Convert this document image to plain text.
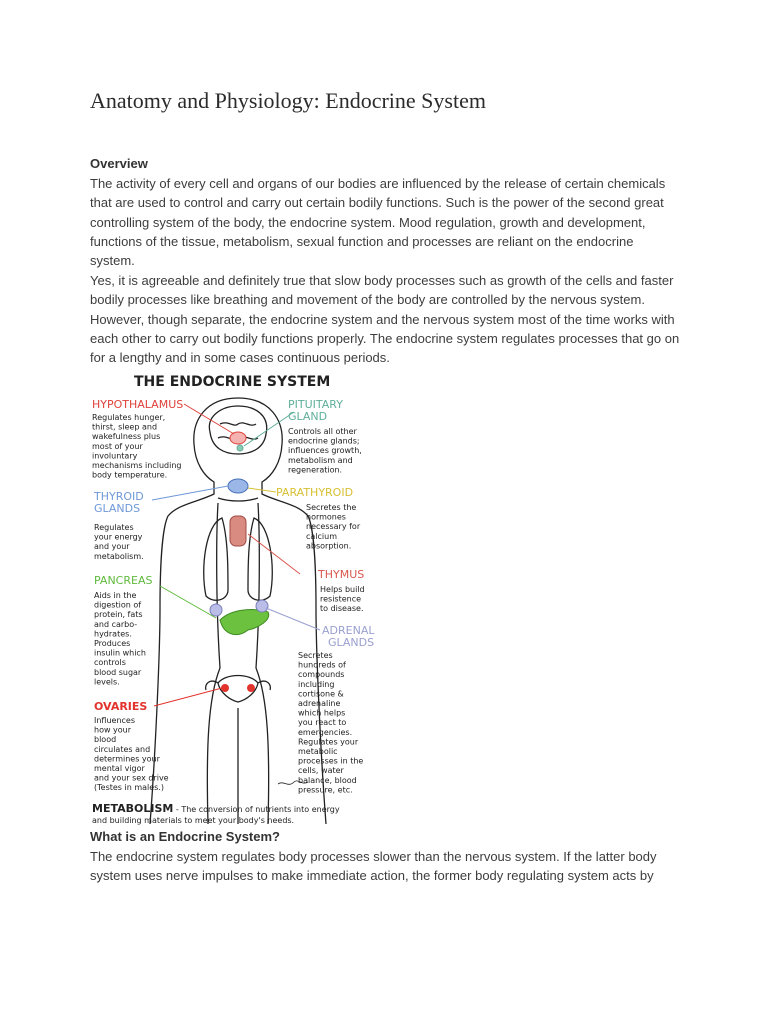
Anatomy and Physiology: Endocrine System
Overview

The activity of every cell and organs of our bodies are influenced by the release of certain chemicals that are used to control and carry out certain bodily functions. Such is the power of the second great controlling system of the body, the endocrine system. Mood regulation, growth and development, functions of the tissue, metabolism, sexual function and processes are reliant on the endocrine system.

Yes, it is agreeable and definitely true that slow body processes such as growth of the cells and faster bodily processes like breathing and movement of the body are controlled by the nervous system. However, though separate, the endocrine system and the nervous system most of the time works with each other to carry out bodily functions properly. The endocrine system regulates processes that go on for a lengthy and in some cases continuous periods.

THE ENDOCRINE SYSTEM
HYPOTHALAMUS	PITUITARY
GLAND
THYROID
GLANDS
PARATHYROID
PANCREAS	THYMUS
ADRENAL
GLANDS
OVARIES
Regulates hunger,
thirst, sleep and
wakefulness plus
most of your
involuntary
mechanisms including
body temperature.
Controls all other
endocrine glands;
influences growth,
metabolism and
regeneration.
Regulates
your energy
and your
metabolism.
Secretes the
hormones
necessary for
calcium
absorption.
Aids in the
digestion of
protein, fats
and carbo-
hydrates.
Produces
insulin which
controls
blood sugar
levels.
Helps build
resistence
to disease.
Secretes
hundreds of
compounds
including
cortisone &
adrenaline
which helps
you react to
emergencies.
Regulates your
metabolic
processes in the
cells, water
balance, blood
pressure, etc.
Influences
how your
blood
circulates and
determines your
mental vigor
and your sex drive
(Testes in males.)
METABOLISM - The conversion of nutrients into energy
and building materials to meet your body's needs.
What is an Endocrine System?

The endocrine system regulates body processes slower than the nervous system. If the latter body system uses nerve impulses to make immediate action, the former body regulating system acts by
